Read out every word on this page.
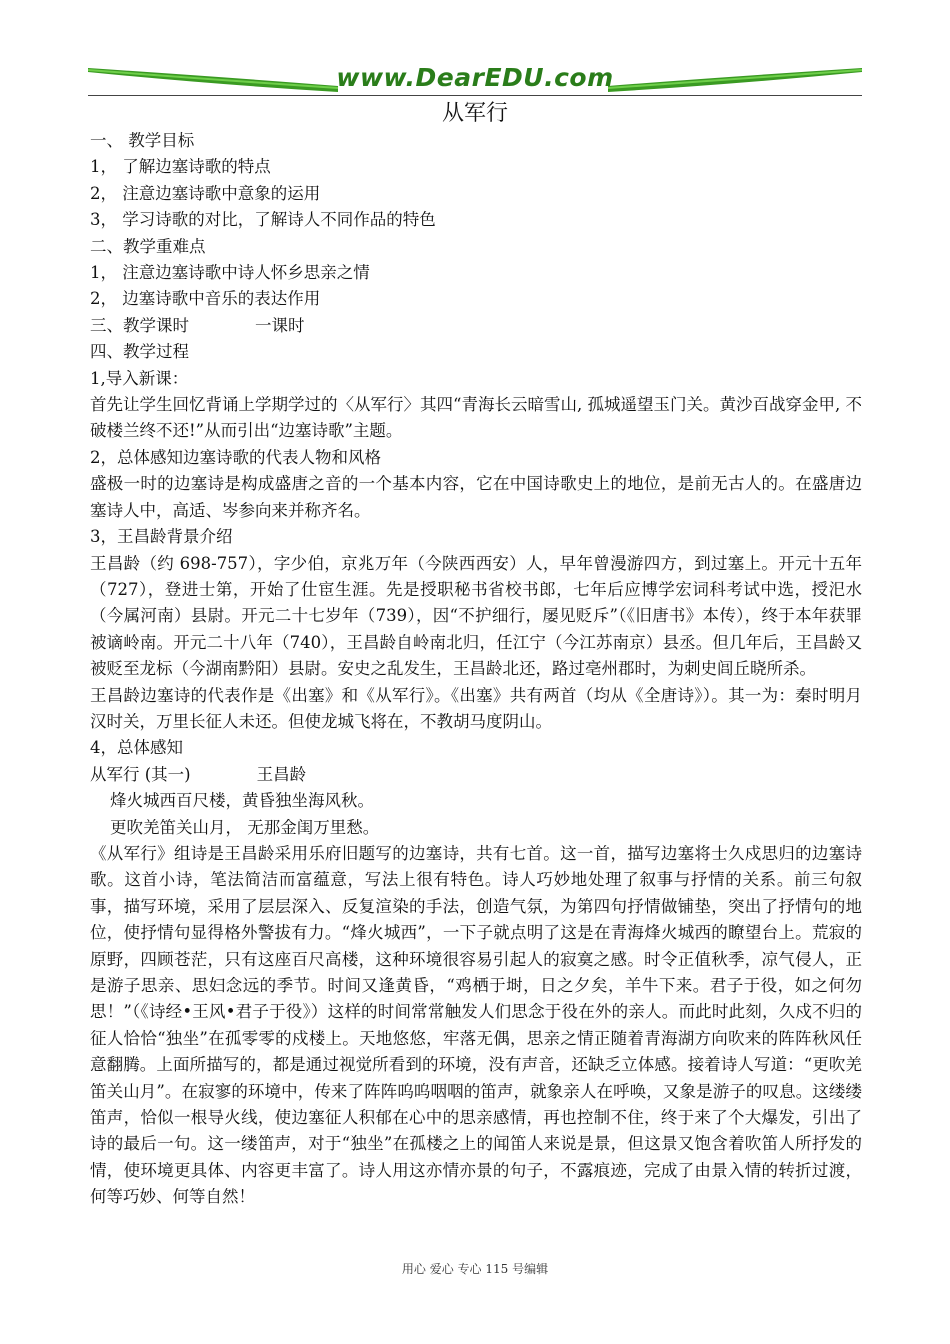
www.DearEDU.com
从军行
一、 教学目标
1， 了解边塞诗歌的特点
2， 注意边塞诗歌中意象的运用
3， 学习诗歌的对比，了解诗人不同作品的特色
二、教学重难点
1， 注意边塞诗歌中诗人怀乡思亲之情
2， 边塞诗歌中音乐的表达作用
三、教学课时	一课时
四、教学过程
1,导入新课：
首先让学生回忆背诵上学期学过的〈从军行〉其四“青海长云暗雪山, 孤城遥望玉门关。黄沙百战穿金甲, 不破楼兰终不还!”从而引出“边塞诗歌”主题。
2，总体感知边塞诗歌的代表人物和风格
盛极一时的边塞诗是构成盛唐之音的一个基本内容，它在中国诗歌史上的地位，是前无古人的。在盛唐边塞诗人中，高适、岑参向来并称齐名。
3，王昌龄背景介绍
王昌龄（约 698-757），字少伯，京兆万年（今陕西西安）人，早年曾漫游四方，到过塞上。开元十五年（727），登进士第，开始了仕宦生涯。先是授职秘书省校书郎，七年后应博学宏词科考试中选，授汜水（今属河南）县尉。开元二十七岁年（739），因“不护细行，屡见贬斥”（《旧唐书》本传），终于本年获罪被谪岭南。开元二十八年（740），王昌龄自岭南北归，任江宁（今江苏南京）县丞。但几年后，王昌龄又被贬至龙标（今湖南黔阳）县尉。安史之乱发生，王昌龄北还，路过亳州郡时，为刺史闾丘晓所杀。
王昌龄边塞诗的代表作是《出塞》和《从军行》。《出塞》共有两首（均从《全唐诗》）。其一为：秦时明月汉时关，万里长征人未还。但使龙城飞将在，不教胡马度阴山。
4，总体感知
从军行 (其一)	王昌龄
烽火城西百尺楼，黄昏独坐海风秋。
更吹羌笛关山月， 无那金闺万里愁。
《从军行》组诗是王昌龄采用乐府旧题写的边塞诗，共有七首。这一首，描写边塞将士久戍思归的边塞诗歌。这首小诗，笔法简洁而富蕴意，写法上很有特色。诗人巧妙地处理了叙事与抒情的关系。前三句叙事，描写环境，采用了层层深入、反复渲染的手法，创造气氛，为第四句抒情做铺垫，突出了抒情句的地位，使抒情句显得格外警拔有力。“烽火城西”，一下子就点明了这是在青海烽火城西的瞭望台上。荒寂的原野，四顾苍茫，只有这座百尺高楼，这种环境很容易引起人的寂寞之感。时令正值秋季，凉气侵人，正是游子思亲、思妇念远的季节。时间又逢黄昏，“鸡栖于埘，日之夕矣，羊牛下来。君子于役，如之何勿思！”（《诗经•王风•君子于役》）这样的时间常常触发人们思念于役在外的亲人。而此时此刻，久戍不归的征人恰恰“独坐”在孤零零的戍楼上。天地悠悠，牢落无偶，思亲之情正随着青海湖方向吹来的阵阵秋风任意翻腾。上面所描写的，都是通过视觉所看到的环境，没有声音，还缺乏立体感。接着诗人写道：“更吹羌笛关山月”。在寂寥的环境中，传来了阵阵呜呜咽咽的笛声，就象亲人在呼唤，又象是游子的叹息。这缕缕笛声，恰似一根导火线，使边塞征人积郁在心中的思亲感情，再也控制不住，终于来了个大爆发，引出了诗的最后一句。这一缕笛声，对于“独坐”在孤楼之上的闻笛人来说是景，但这景又饱含着吹笛人所抒发的情，使环境更具体、内容更丰富了。诗人用这亦情亦景的句子，不露痕迹，完成了由景入情的转折过渡，何等巧妙、何等自然！
用心 爱心 专心 115 号编辑
